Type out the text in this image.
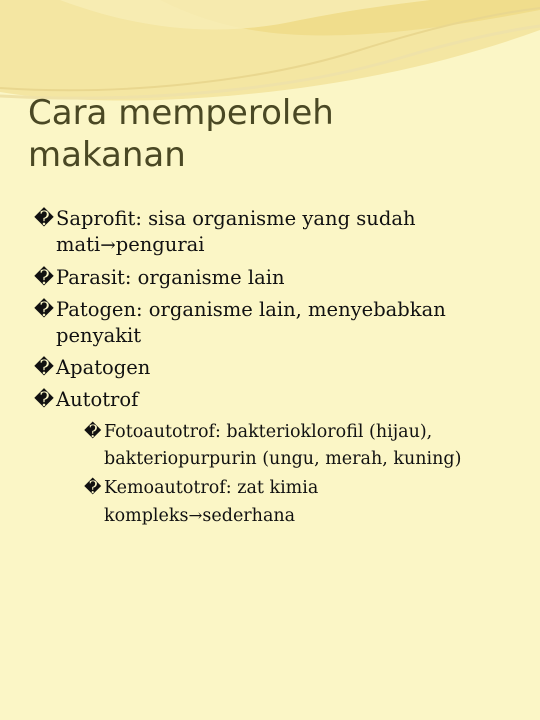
Cara memperoleh
makanan
� Saprofit: sisa organisme yang sudah
mati→pengurai
� Parasit: organisme lain
� Patogen: organisme lain, menyebabkan
penyakit
� Apatogen
� Autotrof
� Fotoautotrof: bakterioklorofil (hijau),
bakteriopurpurin (ungu, merah, kuning)
� Kemoautotrof: zat kimia
kompleks→sederhana
